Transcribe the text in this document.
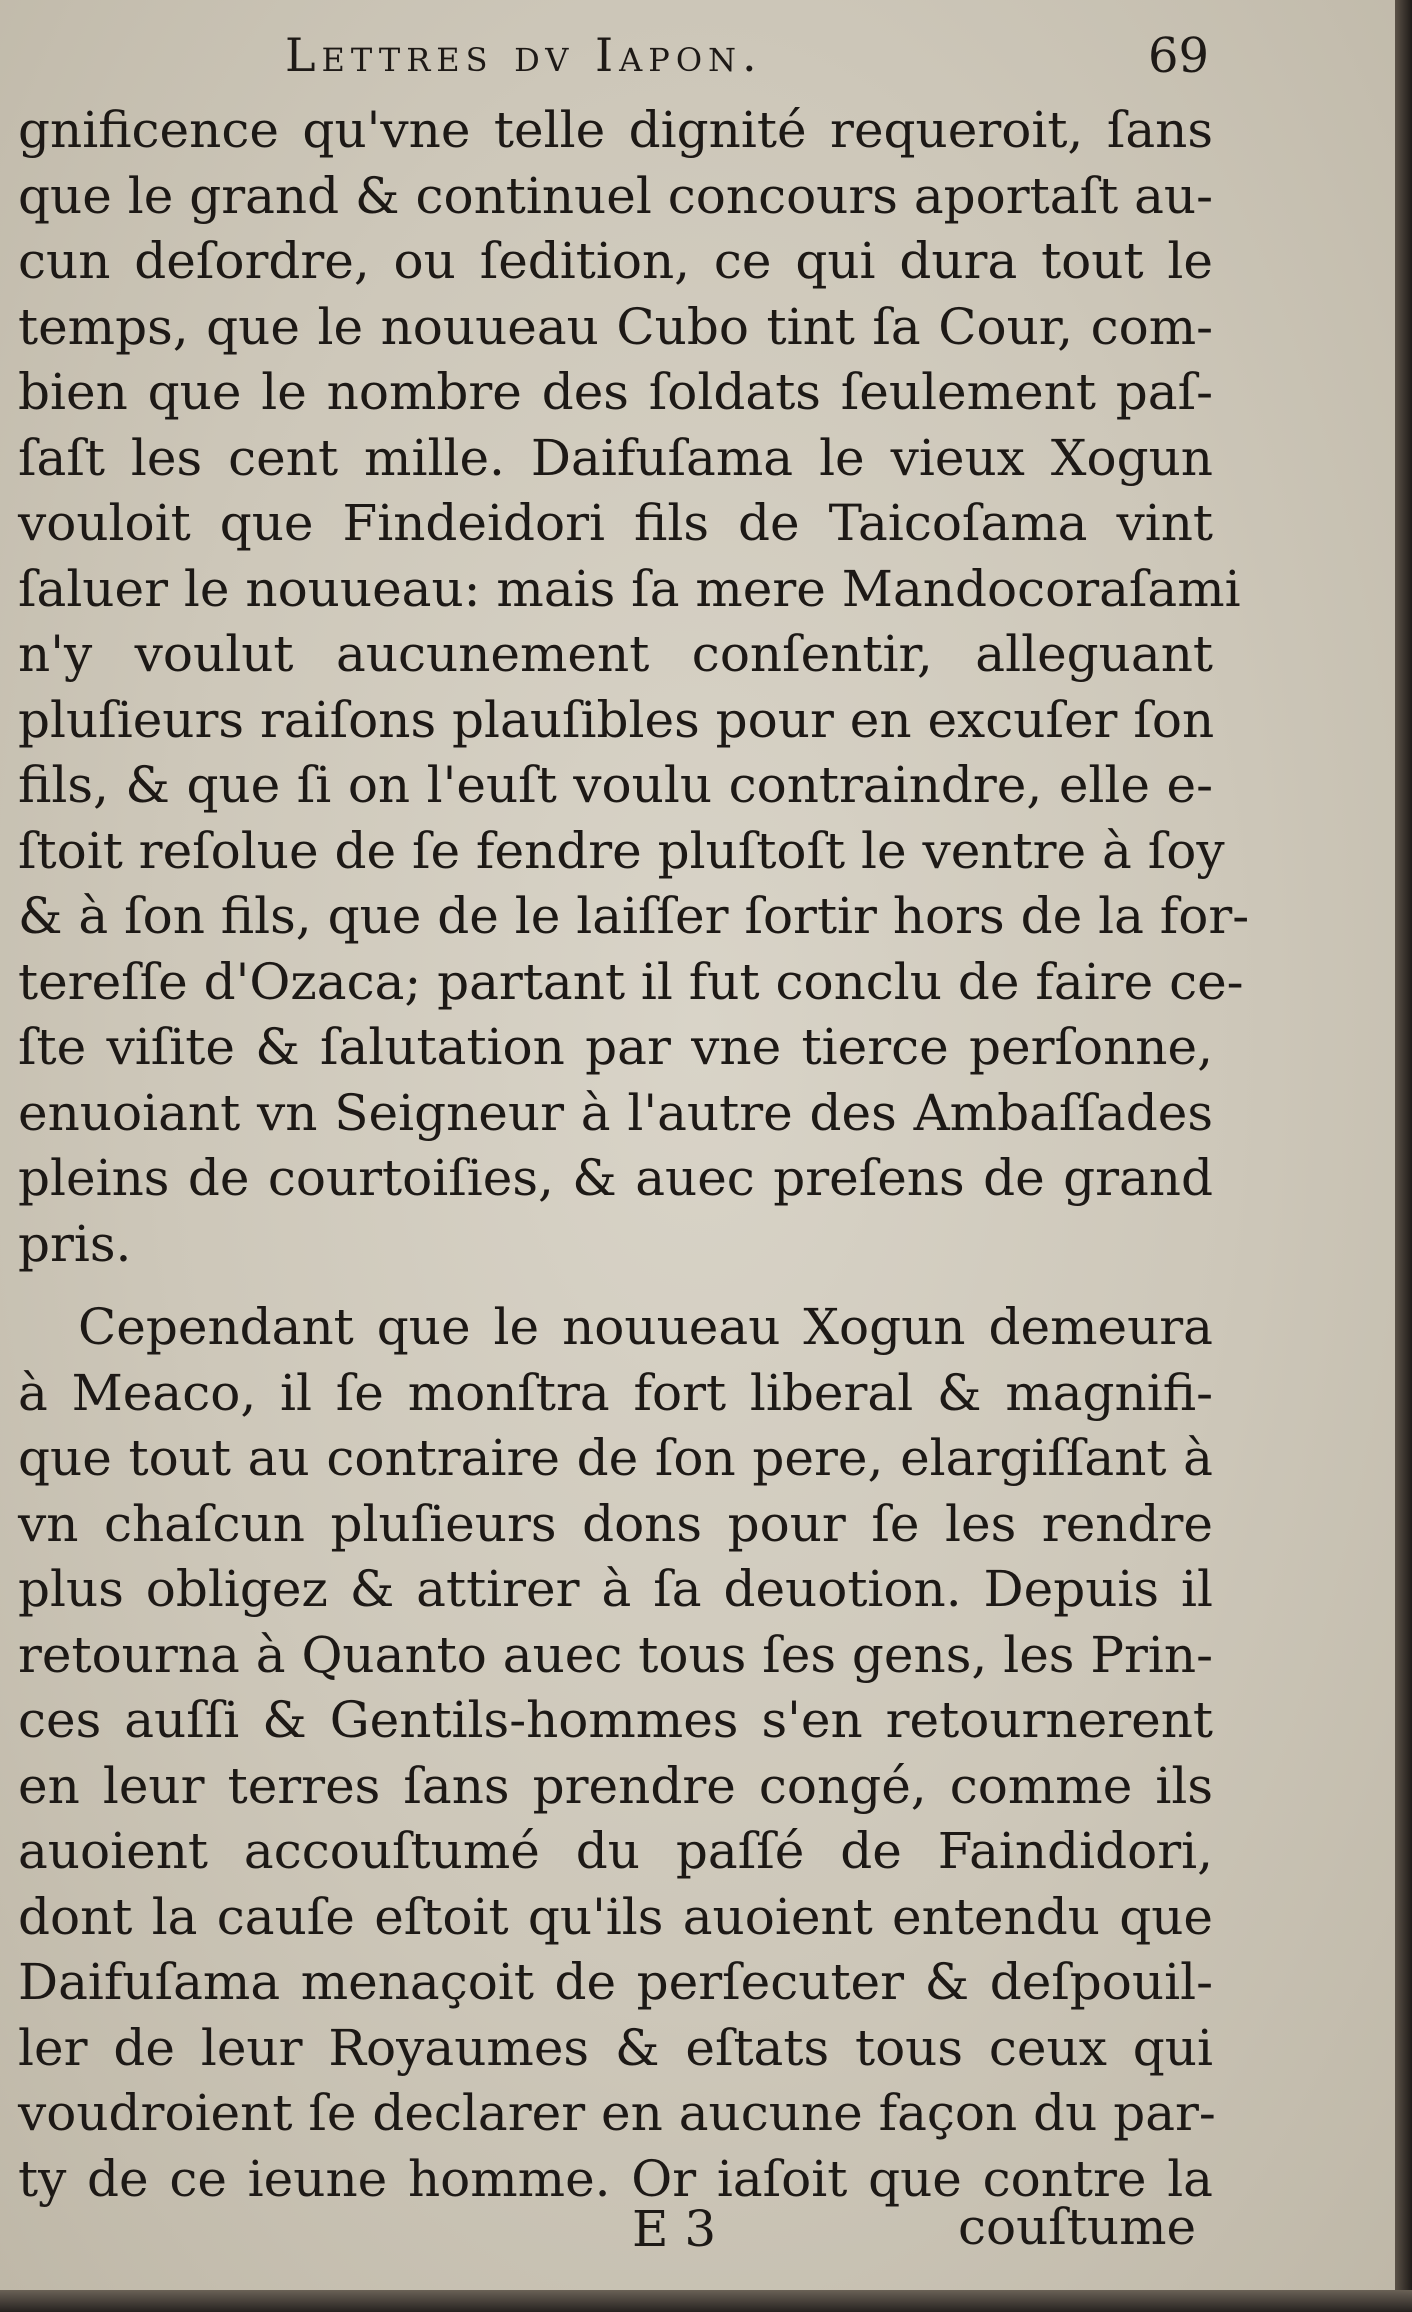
Lettres dv Iapon.	69
gnificence qu'vne telle dignité requeroit, ſans
que le grand & continuel concours aportaſt au-
cun deſordre, ou ſedition, ce qui dura tout le
temps, que le nouueau Cubo tint ſa Cour, com-
bien que le nombre des ſoldats ſeulement paſ-
ſaſt les cent mille. Daifuſama le vieux Xogun
vouloit que Findeidori fils de Taicoſama vint
ſaluer le nouueau: mais ſa mere Mandocoraſami
n'y voulut aucunement conſentir, alleguant
pluſieurs raiſons plauſibles pour en excuſer ſon
fils, & que ſi on l'euſt voulu contraindre, elle e-
ſtoit reſolue de ſe fendre pluſtoſt le ventre à ſoy
& à ſon fils, que de le laiſſer ſortir hors de la for-
tereſſe d'Ozaca; partant il fut conclu de faire ce-
ſte viſite & ſalutation par vne tierce perſonne,
enuoiant vn Seigneur à l'autre des Ambaſſades
pleins de courtoiſies, & auec preſens de grand
pris.
Cependant que le nouueau Xogun demeura
à Meaco, il ſe monſtra fort liberal & magnifi-
que tout au contraire de ſon pere, elargiſſant à
vn chaſcun pluſieurs dons pour ſe les rendre
plus obligez & attirer à ſa deuotion. Depuis il
retourna à Quanto auec tous ſes gens, les Prin-
ces auſſi & Gentils-hommes s'en retournerent
en leur terres ſans prendre congé, comme ils
auoient accouſtumé du paſſé de Faindidori,
dont la cauſe eſtoit qu'ils auoient entendu que
Daifuſama menaçoit de perſecuter & deſpouil-
ler de leur Royaumes & eſtats tous ceux qui
voudroient ſe declarer en aucune façon du par-
ty de ce ieune homme. Or iaſoit que contre la
E 3	couſtume
